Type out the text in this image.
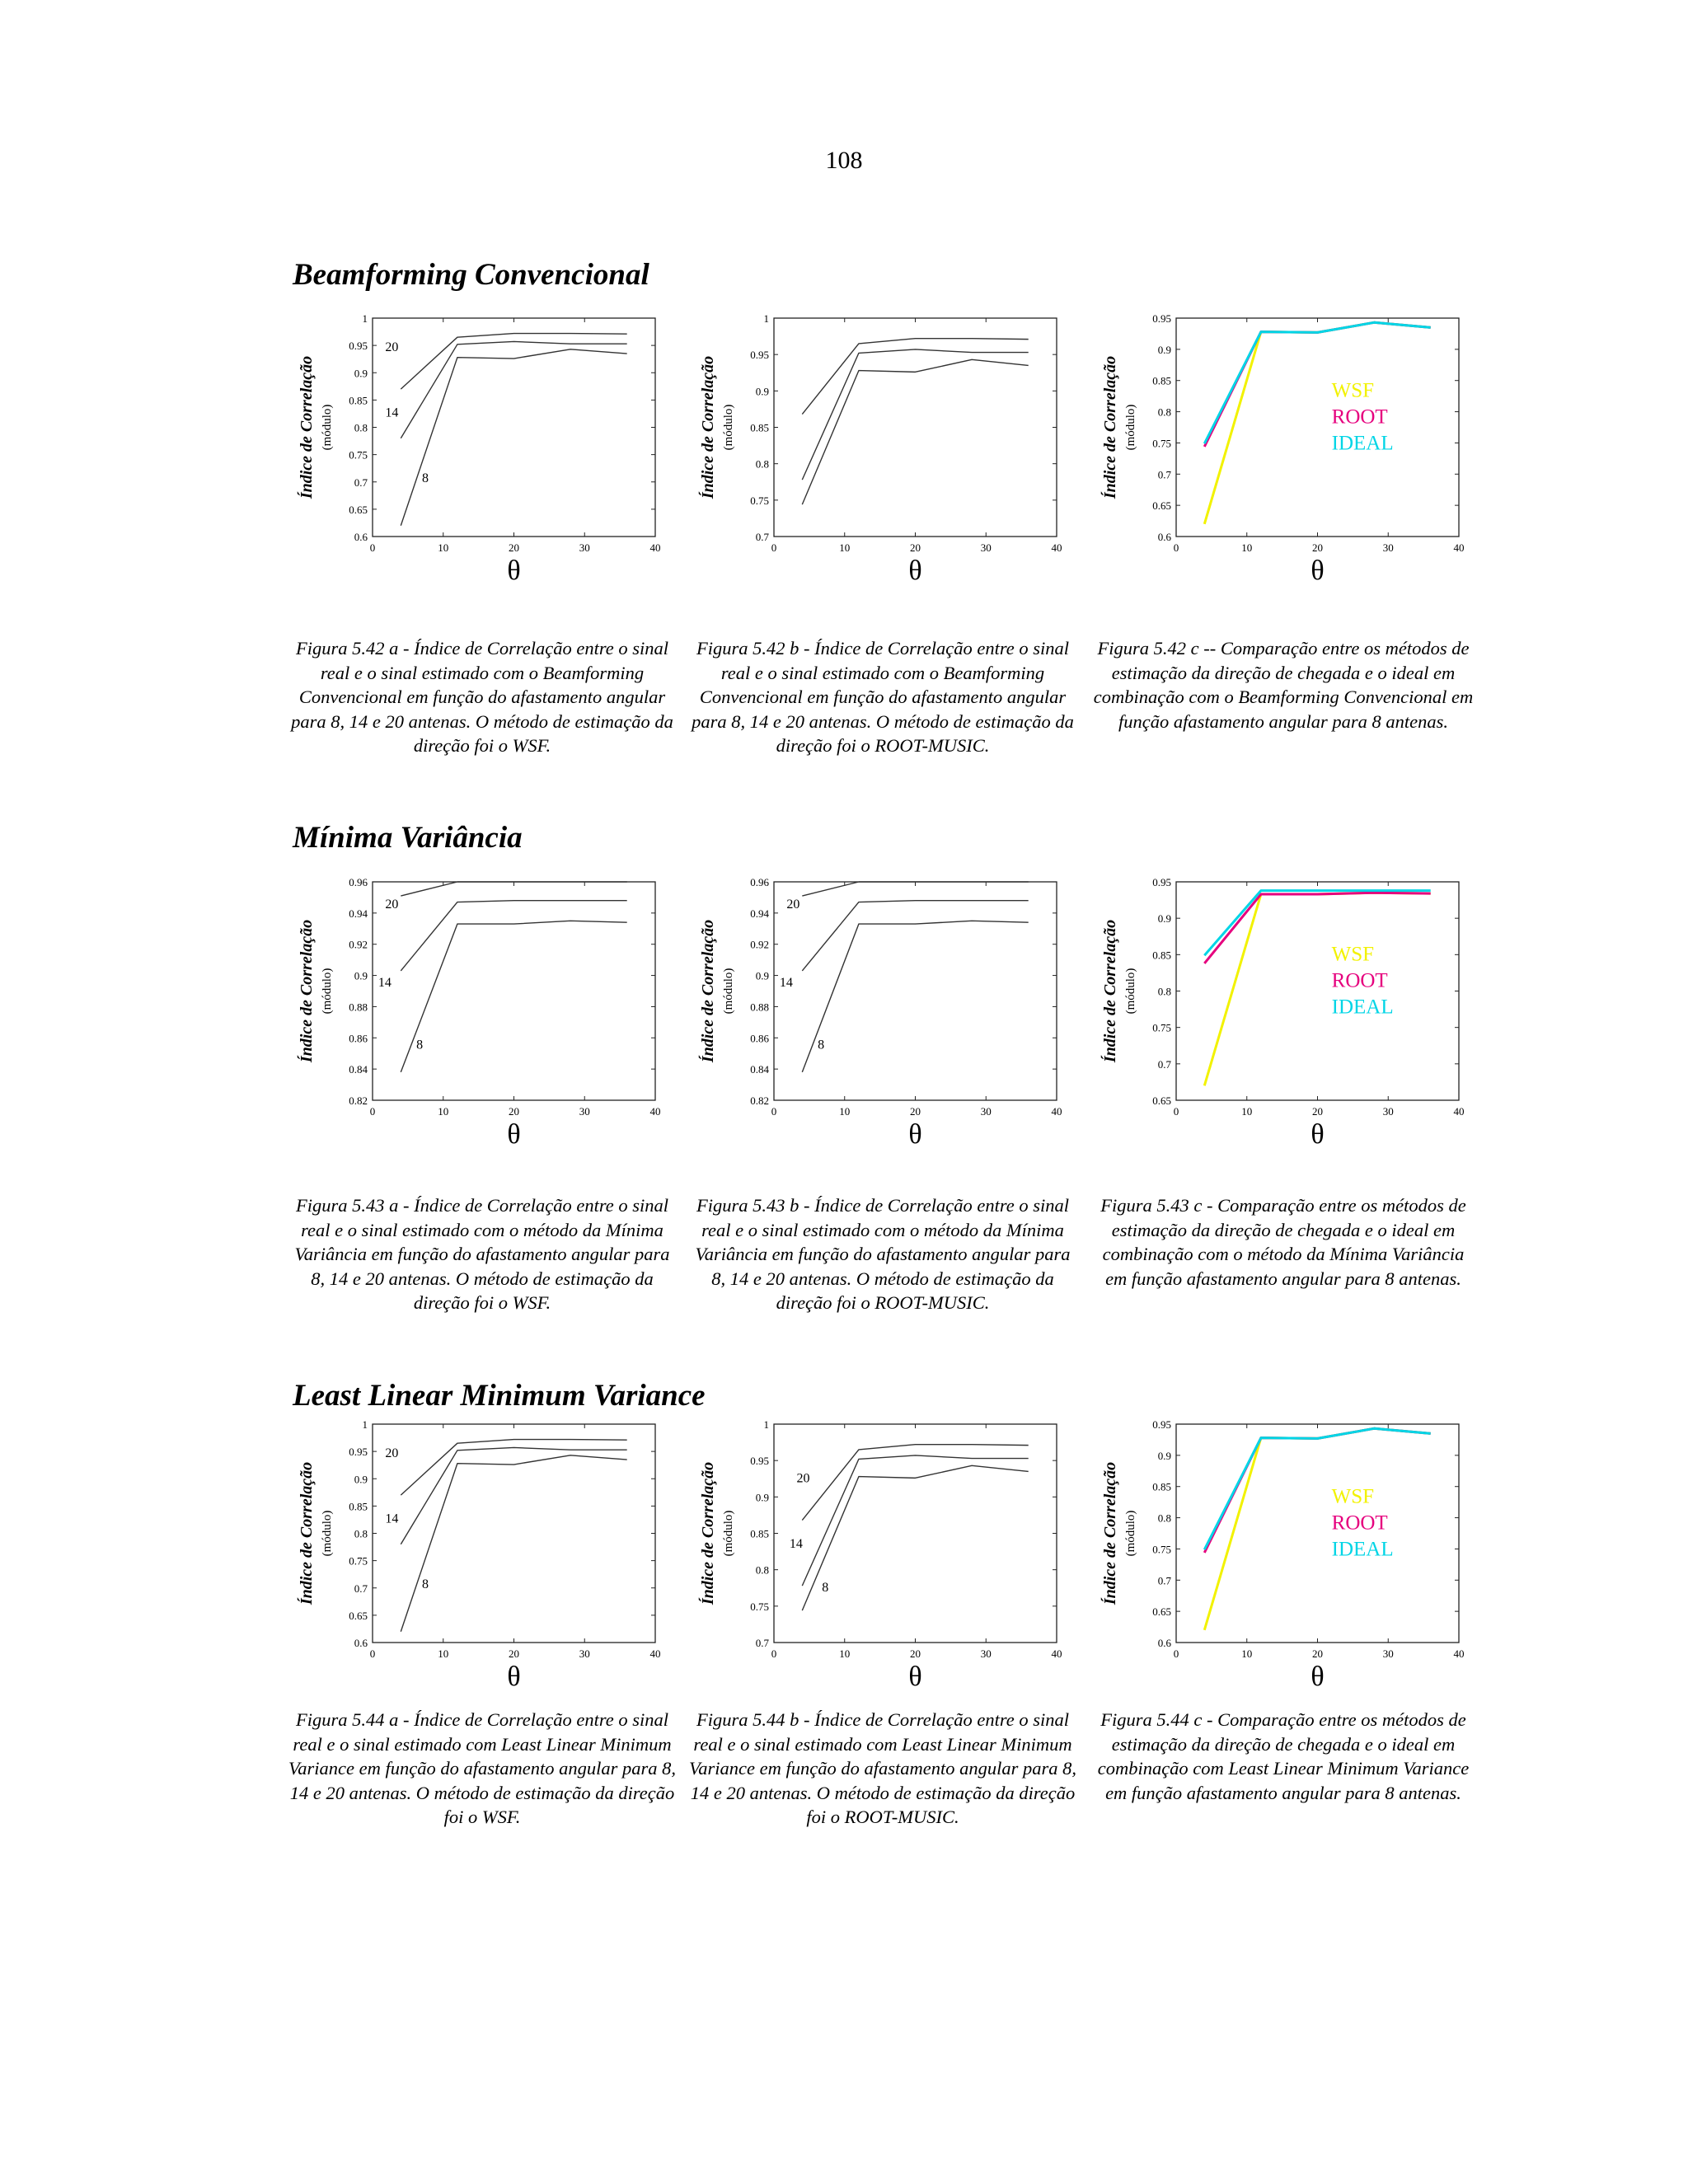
108
Beamforming Convencional
Mínima Variância
Least Linear Minimum Variance
0.6
0.65
0.7
0.75
0.8
0.85
0.9
0.95
1
0	10	20	30	40
θ
Índice de Correlação (módulo)
20
14
8
0.7
0.75
0.8
0.85
0.9
0.95
1
0	10	20	30	40
θ
Índice de Correlação (módulo)
0.6
0.65
0.7
0.75
0.8
0.85
0.9
0.95
0	10	20	30	40
θ
Índice de Correlação (módulo)
WSF
ROOT
IDEAL
0.82
0.84
0.86
0.88
0.9
0.92
0.94
0.96
0	10	20	30	40
θ
Índice de Correlação (módulo)
20
14
8
0.82
0.84
0.86
0.88
0.9
0.92
0.94
0.96
0	10	20	30	40
θ
Índice de Correlação (módulo)
20
14
8
0.65
0.7
0.75
0.8
0.85
0.9
0.95
0	10	20	30	40
θ
Índice de Correlação (módulo)
WSF
ROOT
IDEAL
0.6
0.65
0.7
0.75
0.8
0.85
0.9
0.95
1
0	10	20	30	40
θ
Índice de Correlação (módulo)
20
14
8
0.7
0.75
0.8
0.85
0.9
0.95
1
0	10	20	30	40
θ
Índice de Correlação (módulo)
20
14
8
0.6
0.65
0.7
0.75
0.8
0.85
0.9
0.95
0	10	20	30	40
θ
Índice de Correlação (módulo)
WSF
ROOT
IDEAL
Figura 5.42 a - Índice de Correlação entre o sinal real e o sinal estimado com o Beamforming Convencional em função do afastamento angular para 8, 14 e 20 antenas. O método de estimação da direção foi o WSF.
Figura 5.42 b - Índice de Correlação entre o sinal real e o sinal estimado com o Beamforming Convencional em função do afastamento angular para 8, 14 e 20 antenas. O método de estimação da direção foi o ROOT-MUSIC.
Figura 5.42 c -- Comparação entre os métodos de estimação da direção de chegada e o ideal em combinação com o Beamforming Convencional em função afastamento angular para 8 antenas.
Figura 5.43 a - Índice de Correlação entre o sinal real e o sinal estimado com o método da Mínima Variância em função do afastamento angular para 8, 14 e 20 antenas. O método de estimação da direção foi o WSF.
Figura 5.43 b - Índice de Correlação entre o sinal real e o sinal estimado com o método da Mínima Variância em função do afastamento angular para 8, 14 e 20 antenas. O método de estimação da direção foi o ROOT-MUSIC.
Figura 5.43 c - Comparação entre os métodos de estimação da direção de chegada e o ideal em combinação com o método da Mínima Variância em função afastamento angular para 8 antenas.
Figura 5.44 a - Índice de Correlação entre o sinal real e o sinal estimado com Least Linear Minimum Variance em função do afastamento angular para 8, 14 e 20 antenas. O método de estimação da direção foi o WSF.
Figura 5.44 b - Índice de Correlação entre o sinal real e o sinal estimado com Least Linear Minimum Variance em função do afastamento angular para 8, 14 e 20 antenas. O método de estimação da direção foi o ROOT-MUSIC.
Figura 5.44 c - Comparação entre os métodos de estimação da direção de chegada e o ideal em combinação com Least Linear Minimum Variance em função afastamento angular para 8 antenas.
